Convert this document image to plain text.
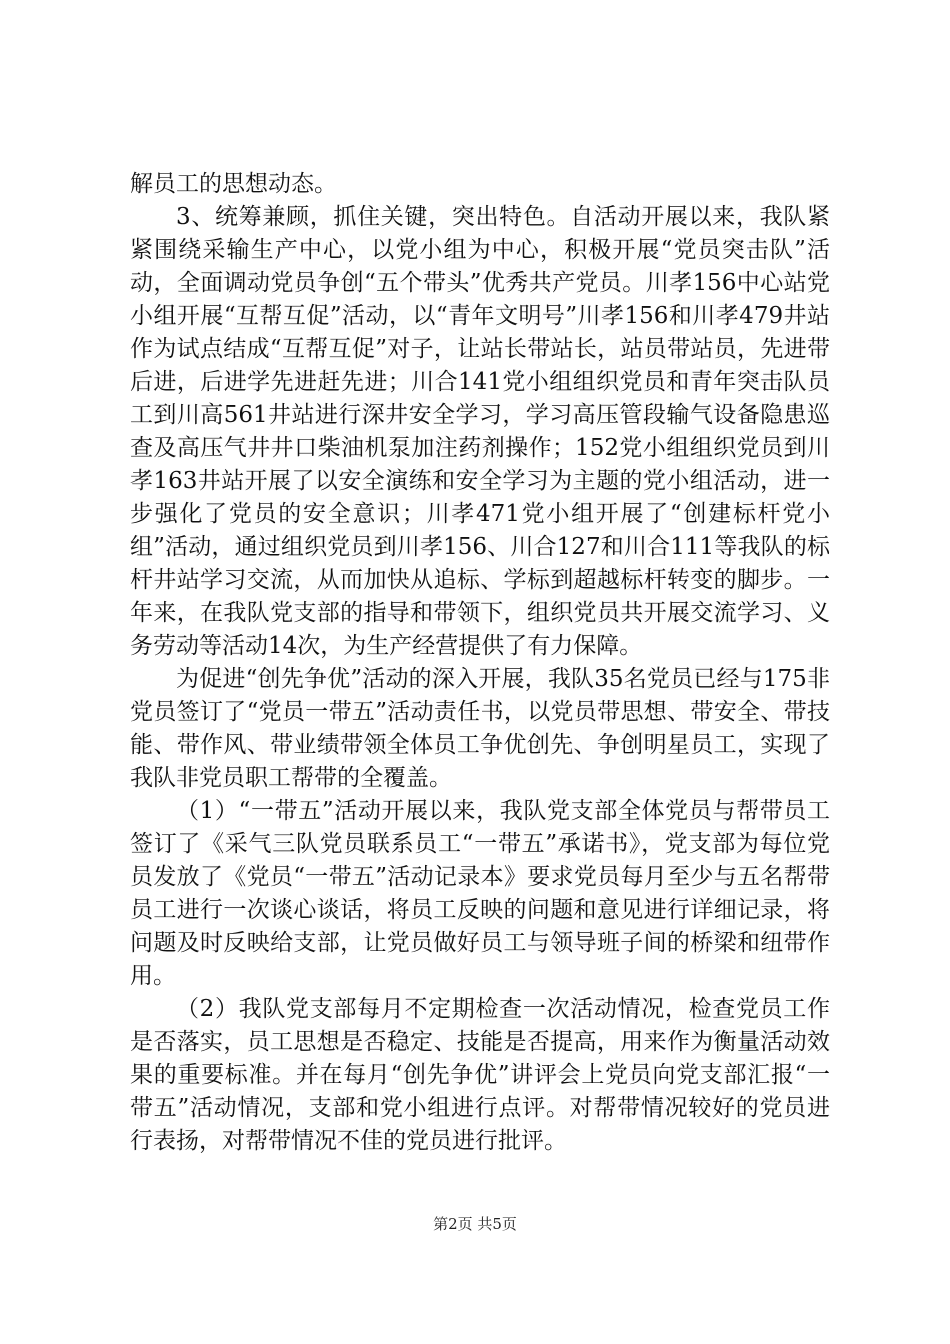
解员工的思想动态。

3、统筹兼顾，抓住关键，突出特色。自活动开展以来，我队紧紧围绕采输生产中心，以党小组为中心，积极开展“党员突击队”活动，全面调动党员争创“五个带头”优秀共产党员。川孝156中心站党小组开展“互帮互促”活动，以“青年文明号”川孝156和川孝479井站作为试点结成“互帮互促”对子，让站长带站长，站员带站员，先进带后进，后进学先进赶先进；川合141党小组组织党员和青年突击队员工到川高561井站进行深井安全学习，学习高压管段输气设备隐患巡查及高压气井井口柴油机泵加注药剂操作；152党小组组织党员到川孝163井站开展了以安全演练和安全学习为主题的党小组活动，进一步强化了党员的安全意识；川孝471党小组开展了“创建标杆党小组”活动，通过组织党员到川孝156、川合127和川合111等我队的标杆井站学习交流，从而加快从追标、学标到超越标杆转变的脚步。一年来，在我队党支部的指导和带领下，组织党员共开展交流学习、义务劳动等活动14次，为生产经营提供了有力保障。

为促进“创先争优”活动的深入开展，我队35名党员已经与175非党员签订了“党员一带五”活动责任书，以党员带思想、带安全、带技能、带作风、带业绩带领全体员工争优创先、争创明星员工，实现了我队非党员职工帮带的全覆盖。

（1）“一带五”活动开展以来，我队党支部全体党员与帮带员工签订了《采气三队党员联系员工“一带五”承诺书》，党支部为每位党员发放了《党员“一带五”活动记录本》要求党员每月至少与五名帮带员工进行一次谈心谈话，将员工反映的问题和意见进行详细记录，将问题及时反映给支部，让党员做好员工与领导班子间的桥梁和纽带作用。

（2）我队党支部每月不定期检查一次活动情况，检查党员工作是否落实，员工思想是否稳定、技能是否提高，用来作为衡量活动效果的重要标准。并在每月“创先争优”讲评会上党员向党支部汇报“一带五”活动情况，支部和党小组进行点评。对帮带情况较好的党员进行表扬，对帮带情况不佳的党员进行批评。

第2页 共5页
